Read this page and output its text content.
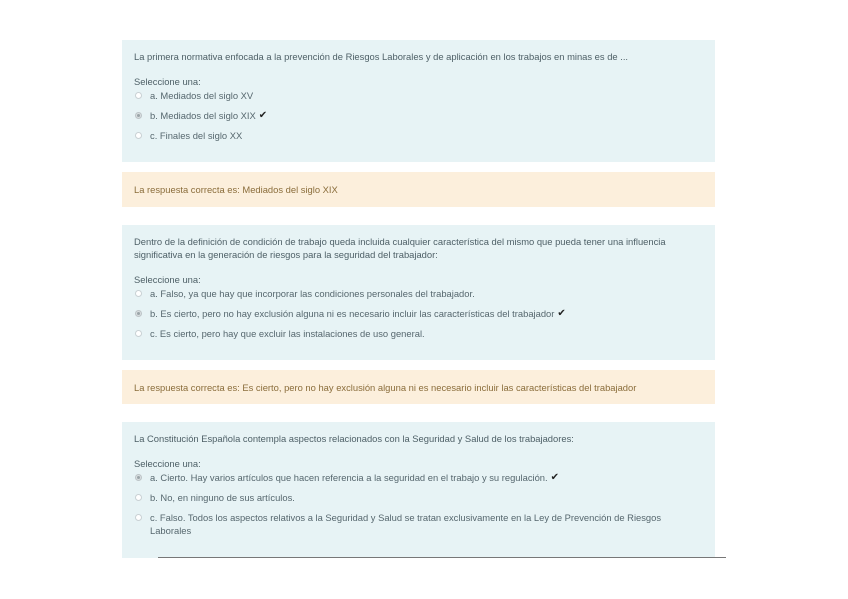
La primera normativa enfocada a la prevención de Riesgos Laborales y de aplicación en los trabajos en minas es de ...
Seleccione una:
a. Mediados del siglo XV
b. Mediados del siglo XIX ✔
c. Finales del siglo XX
La respuesta correcta es: Mediados del siglo XIX
Dentro de la definición de condición de trabajo queda incluida cualquier característica del mismo que pueda tener una influencia significativa en la generación de riesgos para la seguridad del trabajador:
Seleccione una:
a. Falso, ya que hay que incorporar las condiciones personales del trabajador.
b. Es cierto, pero no hay exclusión alguna ni es necesario incluir las características del trabajador ✔
c. Es cierto, pero hay que excluir las instalaciones de uso general.
La respuesta correcta es: Es cierto, pero no hay exclusión alguna ni es necesario incluir las características del trabajador
La Constitución Española contempla aspectos relacionados con la Seguridad y Salud de los trabajadores:
Seleccione una:
a. Cierto. Hay varios artículos que hacen referencia a la seguridad en el trabajo y su regulación. ✔
b. No, en ninguno de sus artículos.
c. Falso. Todos los aspectos relativos a la Seguridad y Salud se tratan exclusivamente en la Ley de Prevención de Riesgos Laborales
